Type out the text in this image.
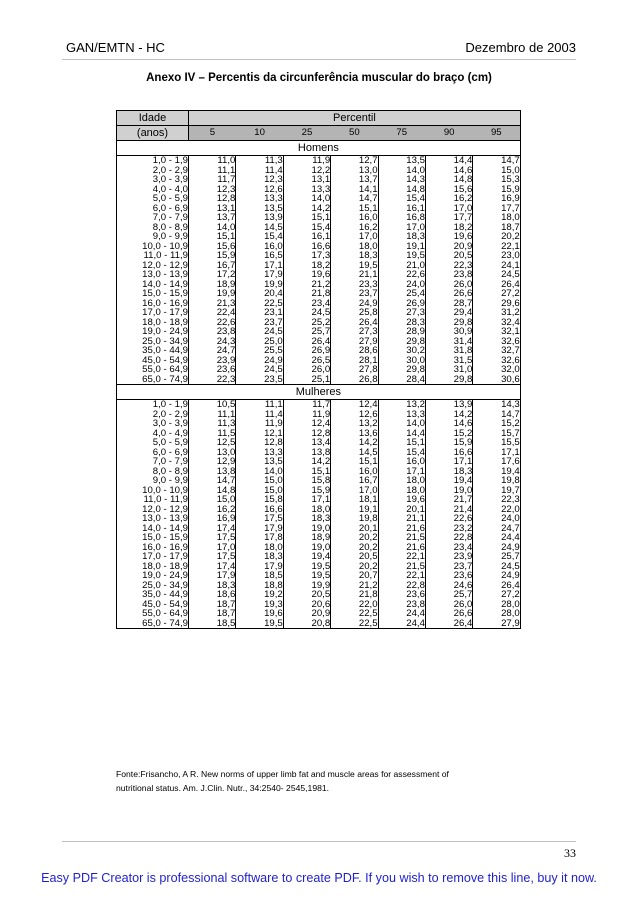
GAN/EMTN - HC	Dezembro de 2003
Anexo IV – Percentis da circunferência muscular do braço (cm)
Idade	Percentil						
(anos)	5	10	25	50	75	90	95
Homens							
1,0 - 1,9	11,0	11,3	11,9	12,7	13,5	14,4	14,7
2,0 - 2,9	11,1	11,4	12,2	13,0	14,0	14,6	15,0
3,0 - 3,9	11,7	12,3	13,1	13,7	14,3	14,8	15,3
4,0 - 4,0	12,3	12,6	13,3	14,1	14,8	15,6	15,9
5,0 - 5,9	12,8	13,3	14,0	14,7	15,4	16,2	16,9
6,0 - 6,9	13,1	13,5	14,2	15,1	16,1	17,0	17,7
7,0 - 7,9	13,7	13,9	15,1	16,0	16,8	17,7	18,0
8,0 - 8,9	14,0	14,5	15,4	16,2	17,0	18,2	18,7
9,0 - 9,9	15,1	15,4	16,1	17,0	18,3	19,6	20,2
10,0 - 10,9	15,6	16,0	16,6	18,0	19,1	20,9	22,1
11,0 - 11,9	15,9	16,5	17,3	18,3	19,5	20,5	23,0
12,0 - 12,9	16,7	17,1	18,2	19,5	21,0	22,3	24,1
13,0 - 13,9	17,2	17,9	19,6	21,1	22,6	23,8	24,5
14,0 - 14,9	18,9	19,9	21,2	23,3	24,0	26,0	26,4
15,0 - 15,9	19,9	20,4	21,8	23,7	25,4	26,6	27,2
16,0 - 16,9	21,3	22,5	23,4	24,9	26,9	28,7	29,6
17,0 - 17,9	22,4	23,1	24,5	25,8	27,3	29,4	31,2
18,0 - 18,9	22,6	23,7	25,2	26,4	28,3	29,8	32,4
19,0 - 24,9	23,8	24,5	25,7	27,3	28,9	30,9	32,1
25,0 - 34,9	24,3	25,0	26,4	27,9	29,8	31,4	32,6
35,0 - 44,9	24,7	25,5	26,9	28,6	30,2	31,8	32,7
45,0 - 54,9	23,9	24,9	26,5	28,1	30,0	31,5	32,6
55,0 - 64,9	23,6	24,5	26,0	27,8	29,8	31,0	32,0
65,0 - 74,9	22,3	23,5	25,1	26,8	28,4	29,8	30,6
Mulheres							
1,0 - 1,9	10,5	11,1	11,7	12,4	13,2	13,9	14,3
2,0 - 2,9	11,1	11,4	11,9	12,6	13,3	14,2	14,7
3,0 - 3,9	11,3	11,9	12,4	13,2	14,0	14,6	15,2
4,0 - 4,9	11,5	12,1	12,8	13,6	14,4	15,2	15,7
5,0 - 5,9	12,5	12,8	13,4	14,2	15,1	15,9	15,5
6,0 - 6,9	13,0	13,3	13,8	14,5	15,4	16,6	17,1
7,0 - 7,9	12,9	13,5	14,2	15,1	16,0	17,1	17,6
8,0 - 8,9	13,8	14,0	15,1	16,0	17,1	18,3	19,4
9,0 - 9,9	14,7	15,0	15,8	16,7	18,0	19,4	19,8
10,0 - 10,9	14,8	15,0	15,9	17,0	18,0	19,0	19,7
11,0 - 11,9	15,0	15,8	17,1	18,1	19,6	21,7	22,3
12,0 - 12,9	16,2	16,6	18,0	19,1	20,1	21,4	22,0
13,0 - 13,9	16,9	17,5	18,3	19,8	21,1	22,6	24,0
14,0 - 14,9	17,4	17,9	19,0	20,1	21,6	23,2	24,7
15,0 - 15,9	17,5	17,8	18,9	20,2	21,5	22,8	24,4
16,0 - 16,9	17,0	18,0	19,0	20,2	21,6	23,4	24,9
17,0 - 17,9	17,5	18,3	19,4	20,5	22,1	23,9	25,7
18,0 - 18,9	17,4	17,9	19,5	20,2	21,5	23,7	24,5
19,0 - 24,9	17,9	18,5	19,5	20,7	22,1	23,6	24,9
25,0 - 34,9	18,3	18,8	19,9	21,2	22,8	24,6	26,4
35,0 - 44,9	18,6	19,2	20,5	21,8	23,6	25,7	27,2
45,0 - 54,9	18,7	19,3	20,6	22,0	23,8	26,0	28,0
55,0 - 64,9	18,7	19,6	20,9	22,5	24,4	26,6	28,0
65,0 - 74,9	18,5	19,5	20,8	22,5	24,4	26,4	27,9
Fonte:Frisancho, A R. New norms of upper limb fat and muscle areas for assessment of
nutritional status. Am. J.Clin. Nutr., 34:2540- 2545,1981.
33
Easy PDF Creator is professional software to create PDF. If you wish to remove this line, buy it now.
